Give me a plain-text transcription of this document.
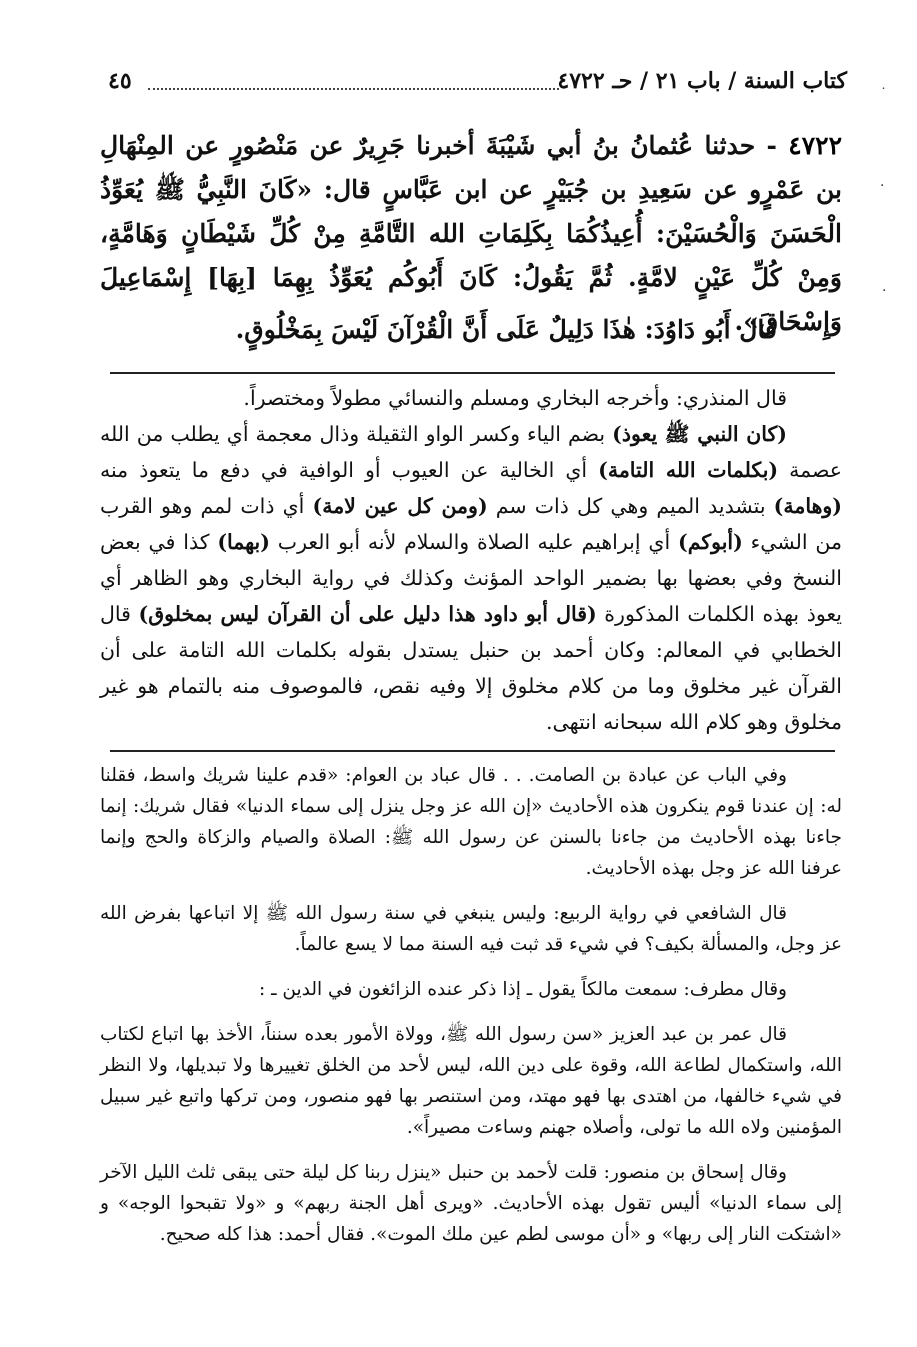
٤٥	كتاب السنة / باب ٢١ / حـ ٤٧٢٢
٤٧٢٢ - حدثنا عُثمانُ بنُ أبي شَيْبَةَ أخبرنا جَرِيرٌ عن مَنْصُورٍ عن المِنْهَالِ بن عَمْرٍو عن سَعِيدِ بن جُبَيْرٍ عن ابن عَبَّاسٍ قال: «كَانَ النَّبِيُّ ﷺ يُعَوِّذُ الْحَسَنَ وَالْحُسَيْنَ: أُعِيذُكُمَا بِكَلِمَاتِ الله التَّامَّةِ مِنْ كُلِّ شَيْطَانٍ وَهَامَّةٍ، وَمِنْ كُلِّ عَيْنٍ لامَّةٍ. ثُمَّ يَقُولُ: كَانَ أَبُوكُم يُعَوِّذُ بِهِمَا [بِهَا] إِسْمَاعِيلَ وَإِسْحَاقَ».
قال أَبُو دَاوُدَ: هٰذَا دَلِيلٌ عَلَى أَنَّ الْقُرْآنَ لَيْسَ بِمَخْلُوقٍ.
قال المنذري: وأخرجه البخاري ومسلم والنسائي مطولاً ومختصراً.
(كان النبي ﷺ يعوذ) بضم الياء وكسر الواو الثقيلة وذال معجمة أي يطلب من الله عصمة (بكلمات الله التامة) أي الخالية عن العيوب أو الوافية في دفع ما يتعوذ منه (وهامة) بتشديد الميم وهي كل ذات سم (ومن كل عين لامة) أي ذات لمم وهو القرب من الشيء (أبوكم) أي إبراهيم عليه الصلاة والسلام لأنه أبو العرب (بهما) كذا في بعض النسخ وفي بعضها بها بضمير الواحد المؤنث وكذلك في رواية البخاري وهو الظاهر أي يعوذ بهذه الكلمات المذكورة (قال أبو داود هذا دليل على أن القرآن ليس بمخلوق) قال الخطابي في المعالم: وكان أحمد بن حنبل يستدل بقوله بكلمات الله التامة على أن القرآن غير مخلوق وما من كلام مخلوق إلا وفيه نقص، فالموصوف منه بالتمام هو غير مخلوق وهو كلام الله سبحانه انتهى.

وفي الباب عن عبادة بن الصامت. . . قال عباد بن العوام: «قدم علينا شريك واسط، فقلنا له: إن عندنا قوم ينكرون هذه الأحاديث «إن الله عز وجل ينزل إلى سماء الدنيا» فقال شريك: إنما جاءنا بهذه الأحاديث من جاءنا بالسنن عن رسول الله ﷺ: الصلاة والصيام والزكاة والحج وإنما عرفنا الله عز وجل بهذه الأحاديث.

قال الشافعي في رواية الربيع: وليس ينبغي في سنة رسول الله ﷺ إلا اتباعها بفرض الله عز وجل، والمسألة بكيف؟ في شيء قد ثبت فيه السنة مما لا يسع عالماً.

وقال مطرف: سمعت مالكاً يقول ـ إذا ذكر عنده الزائغون في الدين ـ :

قال عمر بن عبد العزيز «سن رسول الله ﷺ، وولاة الأمور بعده سنناً، الأخذ بها اتباع لكتاب الله، واستكمال لطاعة الله، وقوة على دين الله، ليس لأحد من الخلق تغييرها ولا تبديلها، ولا النظر في شيء خالفها، من اهتدى بها فهو مهتد، ومن استنصر بها فهو منصور، ومن تركها واتبع غير سبيل المؤمنين ولاه الله ما تولى، وأصلاه جهنم وساءت مصيراً».

وقال إسحاق بن منصور: قلت لأحمد بن حنبل «ينزل ربنا كل ليلة حتى يبقى ثلث الليل الآخر إلى سماء الدنيا» أليس تقول بهذه الأحاديث. «ويرى أهل الجنة ربهم» و «ولا تقبحوا الوجه» و «اشتكت النار إلى ربها» و «أن موسى لطم عين ملك الموت». فقال أحمد: هذا كله صحيح.

˙
·
·
